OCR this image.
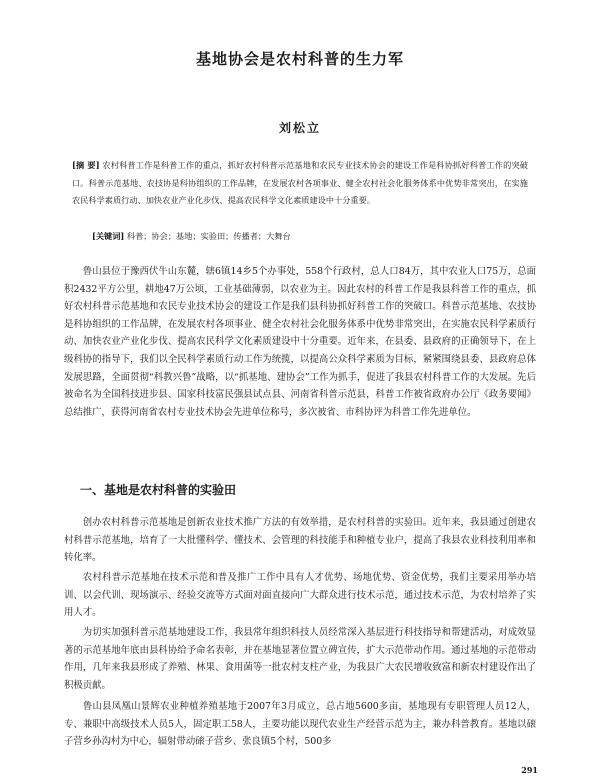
基地协会是农村科普的生力军
刘松立
[摘 要] 农村科普工作是科普工作的重点，抓好农村科普示范基地和农民专业技术协会的建设工作是科协抓好科普工作的突破口。科普示范基地、农技协是科协组织的工作品牌，在发展农村各项事业、健全农村社会化服务体系中优势非常突出，在实施农民科学素质行动、加快农业产业化步伐、提高农民科学文化素质建设中十分重要。
[关键词] 科普；协会；基地；实验田；传播者；大舞台

鲁山县位于豫西伏牛山东麓，辖6镇14乡5个办事处，558个行政村，总人口84万，其中农业人口75万，总面积2432平方公里，耕地47万公顷，工业基础薄弱，以农业为主。因此农村的科普工作是我县科普工作的重点，抓好农村科普示范基地和农民专业技术协会的建设工作是我们县科协抓好科普工作的突破口。科普示范基地、农技协是科协组织的工作品牌，在发展农村各项事业、健全农村社会化服务体系中优势非常突出，在实施农民科学素质行动、加快农业产业化步伐、提高农民科学文化素质建设中十分重要。近年来，在县委、县政府的正确领导下，在上级科协的指导下，我们以全民科学素质行动工作为统揽，以提高公众科学素质为目标，紧紧围绕县委、县政府总体发展思路，全面贯彻“科教兴鲁”战略，以“抓基地、建协会”工作为抓手，促进了我县农村科普工作的大发展。先后被命名为全国科技进步县、国家科技富民强县试点县、河南省科普示范县，科普工作被省政府办公厅《政务要闻》总结推广，获得河南省农村专业技术协会先进单位称号，多次被省、市科协评为科普工作先进单位。

一、基地是农村科普的实验田

创办农村科普示范基地是创新农业技术推广方法的有效举措，是农村科普的实验田。近年来，我县通过创建农村科普示范基地，培育了一大批懂科学、懂技术、会管理的科技能手和种植专业户，提高了我县农业科技利用率和转化率。

农村科普示范基地在技术示范和普及推广工作中具有人才优势、场地优势、资金优势，我们主要采用举办培训、以会代训、现场演示、经验交流等方式面对面直接向广大群众进行技术示范，通过技术示范，为农村培养了实用人才。

为切实加强科普示范基地建设工作，我县常年组织科技人员经常深入基层进行科技指导和帮建活动，对成效显著的示范基地年底由县科协给予命名表彰，并在基地显著位置立碑宣传，扩大示范带动作用。通过基地的示范带动作用，几年来我县形成了养殖、林果、食用菌等一批农村支柱产业，为我县广大农民增收致富和新农村建设作出了积极贡献。

鲁山县凤凰山景辉农业种植养殖基地于2007年3月成立，总占地5600多亩，基地现有专职管理人员12人，专、兼职中高级技术人员5人，固定职工58人，主要功能以现代农业生产经营示范为主，兼办科普教育。基地以磙子营乡孙沟村为中心，辐射带动磙子营乡、张良镇5个村，500多

291
